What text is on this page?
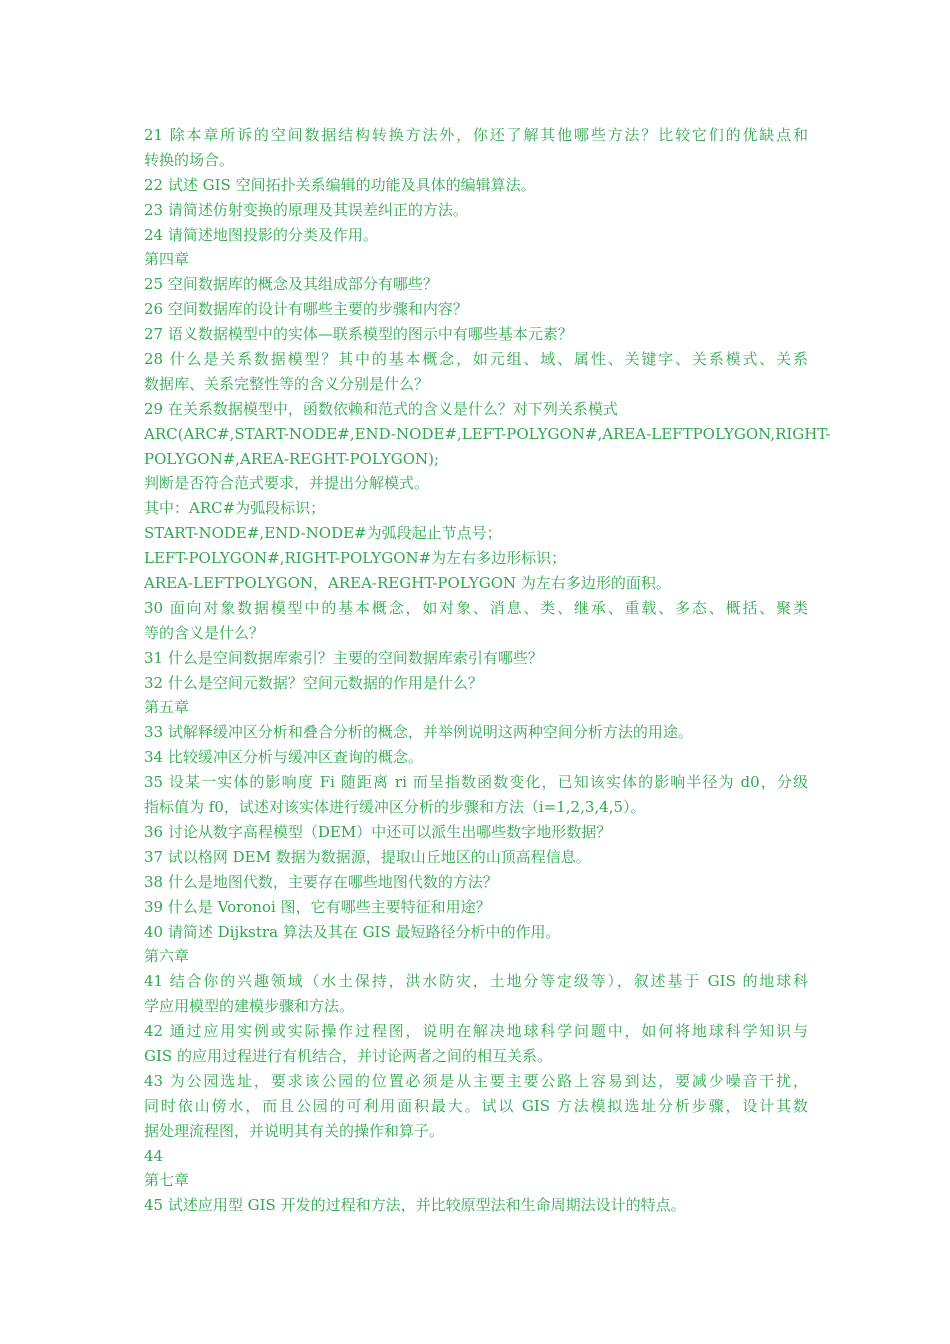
21 除本章所诉的空间数据结构转换方法外，你还了解其他哪些方法？比较它们的优缺点和
转换的场合。
22 试述 GIS 空间拓扑关系编辑的功能及具体的编辑算法。
23 请简述仿射变换的原理及其误差纠正的方法。
24 请简述地图投影的分类及作用。
第四章
25 空间数据库的概念及其组成部分有哪些？
26 空间数据库的设计有哪些主要的步骤和内容？
27 语义数据模型中的实体—联系模型的图示中有哪些基本元素？
28 什么是关系数据模型？其中的基本概念，如元组、域、属性、关键字、关系模式、关系
数据库、关系完整性等的含义分别是什么？
29 在关系数据模型中，函数依赖和范式的含义是什么？对下列关系模式
ARC(ARC#,START-NODE#,END-NODE#,LEFT-POLYGON#,AREA-LEFTPOLYGON,RIGHT-
POLYGON#,AREA-REGHT-POLYGON);
判断是否符合范式要求，并提出分解模式。
其中：ARC#为弧段标识；
START-NODE#,END-NODE#为弧段起止节点号；
LEFT-POLYGON#,RIGHT-POLYGON#为左右多边形标识；
AREA-LEFTPOLYGON，AREA-REGHT-POLYGON 为左右多边形的面积。
30 面向对象数据模型中的基本概念，如对象、消息、类、继承、重载、多态、概括、聚类
等的含义是什么？
31 什么是空间数据库索引？主要的空间数据库索引有哪些？
32 什么是空间元数据？空间元数据的作用是什么？
第五章
33 试解释缓冲区分析和叠合分析的概念，并举例说明这两种空间分析方法的用途。
34 比较缓冲区分析与缓冲区查询的概念。
35 设某一实体的影响度 Fi 随距离 ri 而呈指数函数变化，已知该实体的影响半径为 d0，分级
指标值为 f0，试述对该实体进行缓冲区分析的步骤和方法（i=1,2,3,4,5）。
36 讨论从数字高程模型（DEM）中还可以派生出哪些数字地形数据？
37 试以格网 DEM 数据为数据源，提取山丘地区的山顶高程信息。
38 什么是地图代数，主要存在哪些地图代数的方法？
39 什么是 Voronoi 图，它有哪些主要特征和用途？
40 请简述 Dijkstra 算法及其在 GIS 最短路径分析中的作用。
第六章
41 结合你的兴趣领域（水土保持，洪水防灾，土地分等定级等），叙述基于 GIS 的地球科
学应用模型的建模步骤和方法。
42 通过应用实例或实际操作过程图，说明在解决地球科学问题中，如何将地球科学知识与
GIS 的应用过程进行有机结合，并讨论两者之间的相互关系。
43 为公园选址，要求该公园的位置必须是从主要主要公路上容易到达，要减少噪音干扰，
同时依山傍水，而且公园的可利用面积最大。试以 GIS 方法模拟选址分析步骤，设计其数
据处理流程图，并说明其有关的操作和算子。
44
第七章
45 试述应用型 GIS 开发的过程和方法，并比较原型法和生命周期法设计的特点。
